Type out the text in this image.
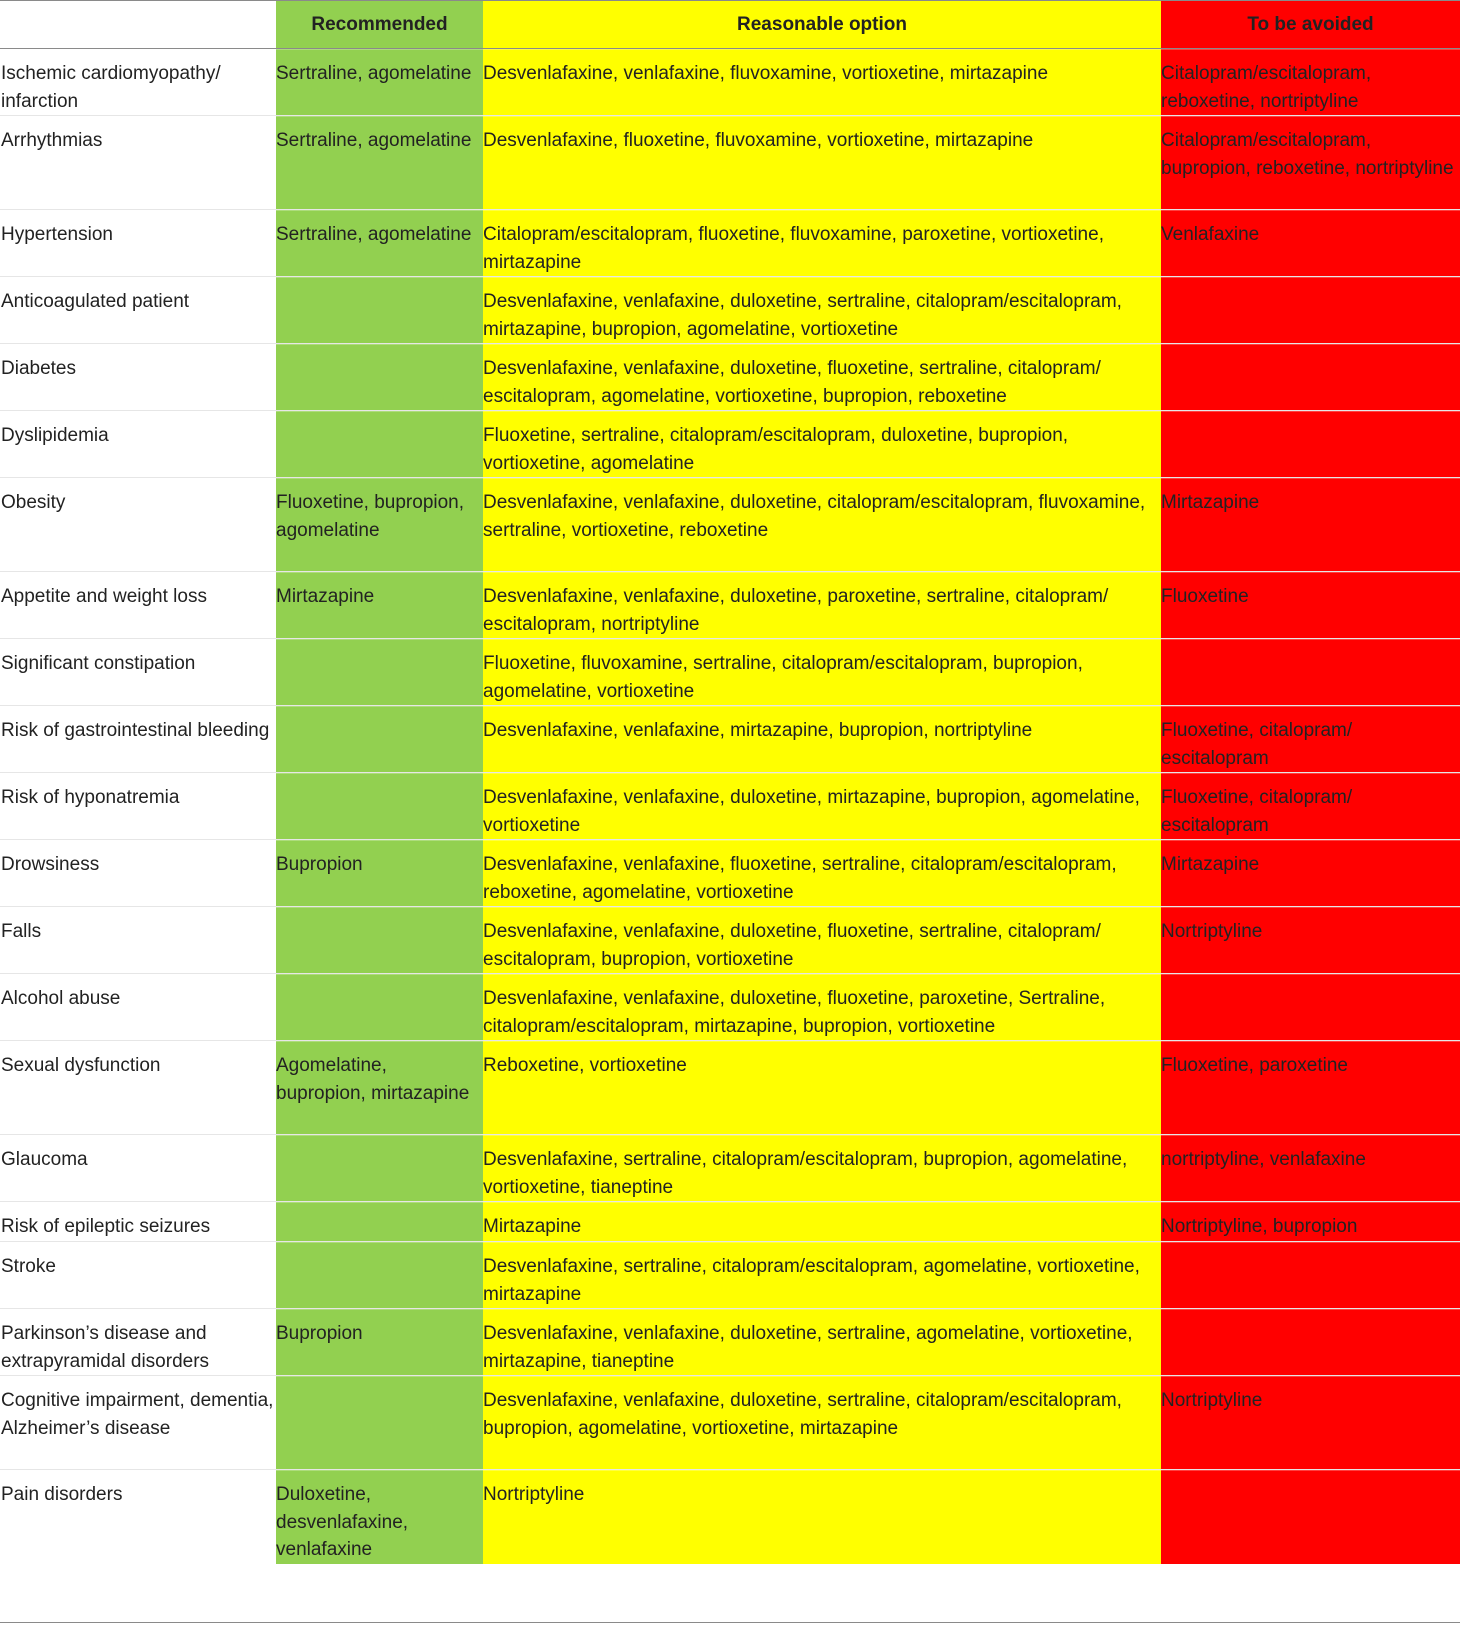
	Recommended	Reasonable option	To be avoided
Ischemic cardiomyopathy/ infarction	Sertraline, agomelatine	Desvenlafaxine, venlafaxine, fluvoxamine, vortioxetine, mirtazapine	Citalopram/escitalopram, reboxetine, nortriptyline
Arrhythmias	Sertraline, agomelatine	Desvenlafaxine, fluoxetine, fluvoxamine, vortioxetine, mirtazapine	Citalopram/escitalopram, bupropion, reboxetine, nortriptyline
Hypertension	Sertraline, agomelatine	Citalopram/escitalopram, fluoxetine, fluvoxamine, paroxetine, vortioxetine, mirtazapine	Venlafaxine
Anticoagulated patient		Desvenlafaxine, venlafaxine, duloxetine, sertraline, citalopram/escitalopram, mirtazapine, bupropion, agomelatine, vortioxetine	
Diabetes		Desvenlafaxine, venlafaxine, duloxetine, fluoxetine, sertraline, citalopram/ escitalopram, agomelatine, vortioxetine, bupropion, reboxetine	
Dyslipidemia		Fluoxetine, sertraline, citalopram/escitalopram, duloxetine, bupropion, vortioxetine, agomelatine	
Obesity	Fluoxetine, bupropion, agomelatine	Desvenlafaxine, venlafaxine, duloxetine, citalopram/escitalopram, fluvoxamine, sertraline, vortioxetine, reboxetine	Mirtazapine
Appetite and weight loss	Mirtazapine	Desvenlafaxine, venlafaxine, duloxetine, paroxetine, sertraline, citalopram/ escitalopram, nortriptyline	Fluoxetine
Significant constipation		Fluoxetine, fluvoxamine, sertraline, citalopram/escitalopram, bupropion, agomelatine, vortioxetine	
Risk of gastrointestinal bleeding		Desvenlafaxine, venlafaxine, mirtazapine, bupropion, nortriptyline	Fluoxetine, citalopram/ escitalopram
Risk of hyponatremia		Desvenlafaxine, venlafaxine, duloxetine, mirtazapine, bupropion, agomelatine, vortioxetine	Fluoxetine, citalopram/ escitalopram
Drowsiness	Bupropion	Desvenlafaxine, venlafaxine, fluoxetine, sertraline, citalopram/escitalopram, reboxetine, agomelatine, vortioxetine	Mirtazapine
Falls		Desvenlafaxine, venlafaxine, duloxetine, fluoxetine, sertraline, citalopram/ escitalopram, bupropion, vortioxetine	Nortriptyline
Alcohol abuse		Desvenlafaxine, venlafaxine, duloxetine, fluoxetine, paroxetine, Sertraline, citalopram/escitalopram, mirtazapine, bupropion, vortioxetine	
Sexual dysfunction	Agomelatine, bupropion, mirtazapine	Reboxetine, vortioxetine	Fluoxetine, paroxetine
Glaucoma		Desvenlafaxine, sertraline, citalopram/escitalopram, bupropion, agomelatine, vortioxetine, tianeptine	nortriptyline, venlafaxine
Risk of epileptic seizures		Mirtazapine	Nortriptyline, bupropion
Stroke		Desvenlafaxine, sertraline, citalopram/escitalopram, agomelatine, vortioxetine, mirtazapine	
Parkinson’s disease and extrapyramidal disorders	Bupropion	Desvenlafaxine, venlafaxine, duloxetine, sertraline, agomelatine, vortioxetine, mirtazapine, tianeptine	
Cognitive impairment, dementia, Alzheimer’s disease		Desvenlafaxine, venlafaxine, duloxetine, sertraline, citalopram/escitalopram, bupropion, agomelatine, vortioxetine, mirtazapine	Nortriptyline
Pain disorders	Duloxetine, desvenlafaxine, venlafaxine	Nortriptyline	
